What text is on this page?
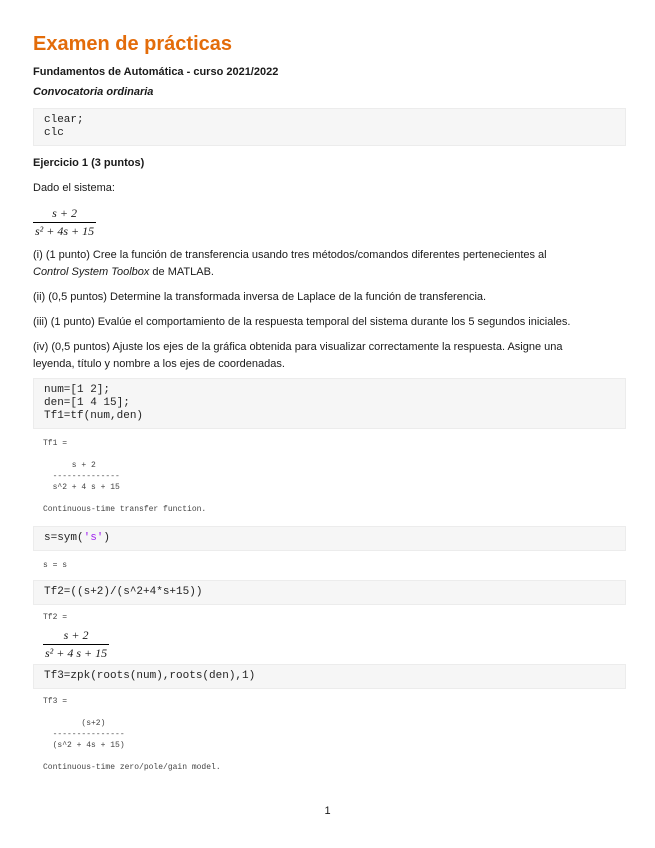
Examen de prácticas
Fundamentos de Automática - curso 2021/2022
Convocatoria ordinaria
clear;
clc
Ejercicio 1 (3 puntos)
Dado el sistema:
s + 2
s² + 4s + 15
(i) (1 punto) Cree la función de transferencia usando tres métodos/comandos diferentes pertenecientes al
Control System Toolbox de MATLAB.
(ii) (0,5 puntos) Determine la transformada inversa de Laplace de la función de transferencia.
(iii) (1 punto) Evalúe el comportamiento de la respuesta temporal del sistema durante los 5 segundos iniciales.
(iv) (0,5 puntos) Ajuste los ejes de la gráfica obtenida para visualizar correctamente la respuesta. Asigne una
leyenda, título y nombre a los ejes de coordenadas.
num=[1 2];
den=[1 4 15];
Tf1=tf(num,den)
Tf1 =

s + 2
--------------
s^2 + 4 s + 15

Continuous-time transfer function.
s=sym('s')
s = s
Tf2=((s+2)/(s^2+4*s+15))
Tf2 =
s + 2
s² + 4 s + 15
Tf3=zpk(roots(num),roots(den),1)
Tf3 =

(s+2)
---------------
(s^2 + 4s + 15)

Continuous-time zero/pole/gain model.
1
